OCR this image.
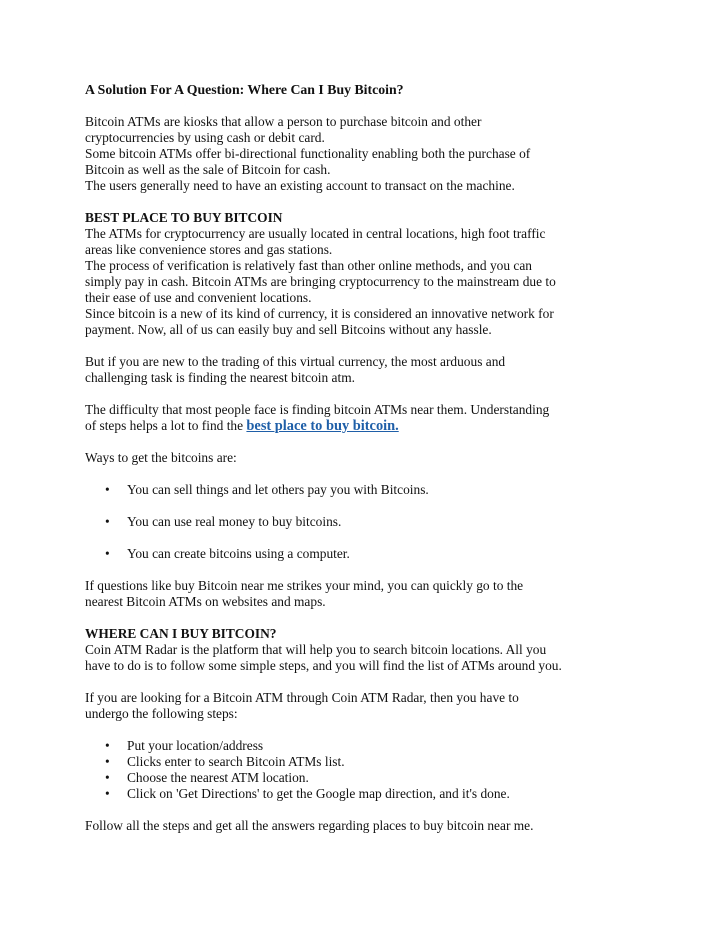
A Solution For A Question: Where Can I Buy Bitcoin?
Bitcoin ATMs are kiosks that allow a person to purchase bitcoin and other
cryptocurrencies by using cash or debit card.
Some bitcoin ATMs offer bi-directional functionality enabling both the purchase of
Bitcoin as well as the sale of Bitcoin for cash.
The users generally need to have an existing account to transact on the machine.
BEST PLACE TO BUY BITCOIN
The ATMs for cryptocurrency are usually located in central locations, high foot traffic
areas like convenience stores and gas stations.
The process of verification is relatively fast than other online methods, and you can
simply pay in cash. Bitcoin ATMs are bringing cryptocurrency to the mainstream due to
their ease of use and convenient locations.
Since bitcoin is a new of its kind of currency, it is considered an innovative network for
payment. Now, all of us can easily buy and sell Bitcoins without any hassle.
But if you are new to the trading of this virtual currency, the most arduous and
challenging task is finding the nearest bitcoin atm.
The difficulty that most people face is finding bitcoin ATMs near them. Understanding
of steps helps a lot to find the best place to buy bitcoin.
Ways to get the bitcoins are:
• You can sell things and let others pay you with Bitcoins.
• You can use real money to buy bitcoins.
• You can create bitcoins using a computer.
If questions like buy Bitcoin near me strikes your mind, you can quickly go to the
nearest Bitcoin ATMs on websites and maps.
WHERE CAN I BUY BITCOIN?
Coin ATM Radar is the platform that will help you to search bitcoin locations. All you
have to do is to follow some simple steps, and you will find the list of ATMs around you.
If you are looking for a Bitcoin ATM through Coin ATM Radar, then you have to
undergo the following steps:
• Put your location/address
• Clicks enter to search Bitcoin ATMs list.
• Choose the nearest ATM location.
• Click on 'Get Directions' to get the Google map direction, and it's done.
Follow all the steps and get all the answers regarding places to buy bitcoin near me.
